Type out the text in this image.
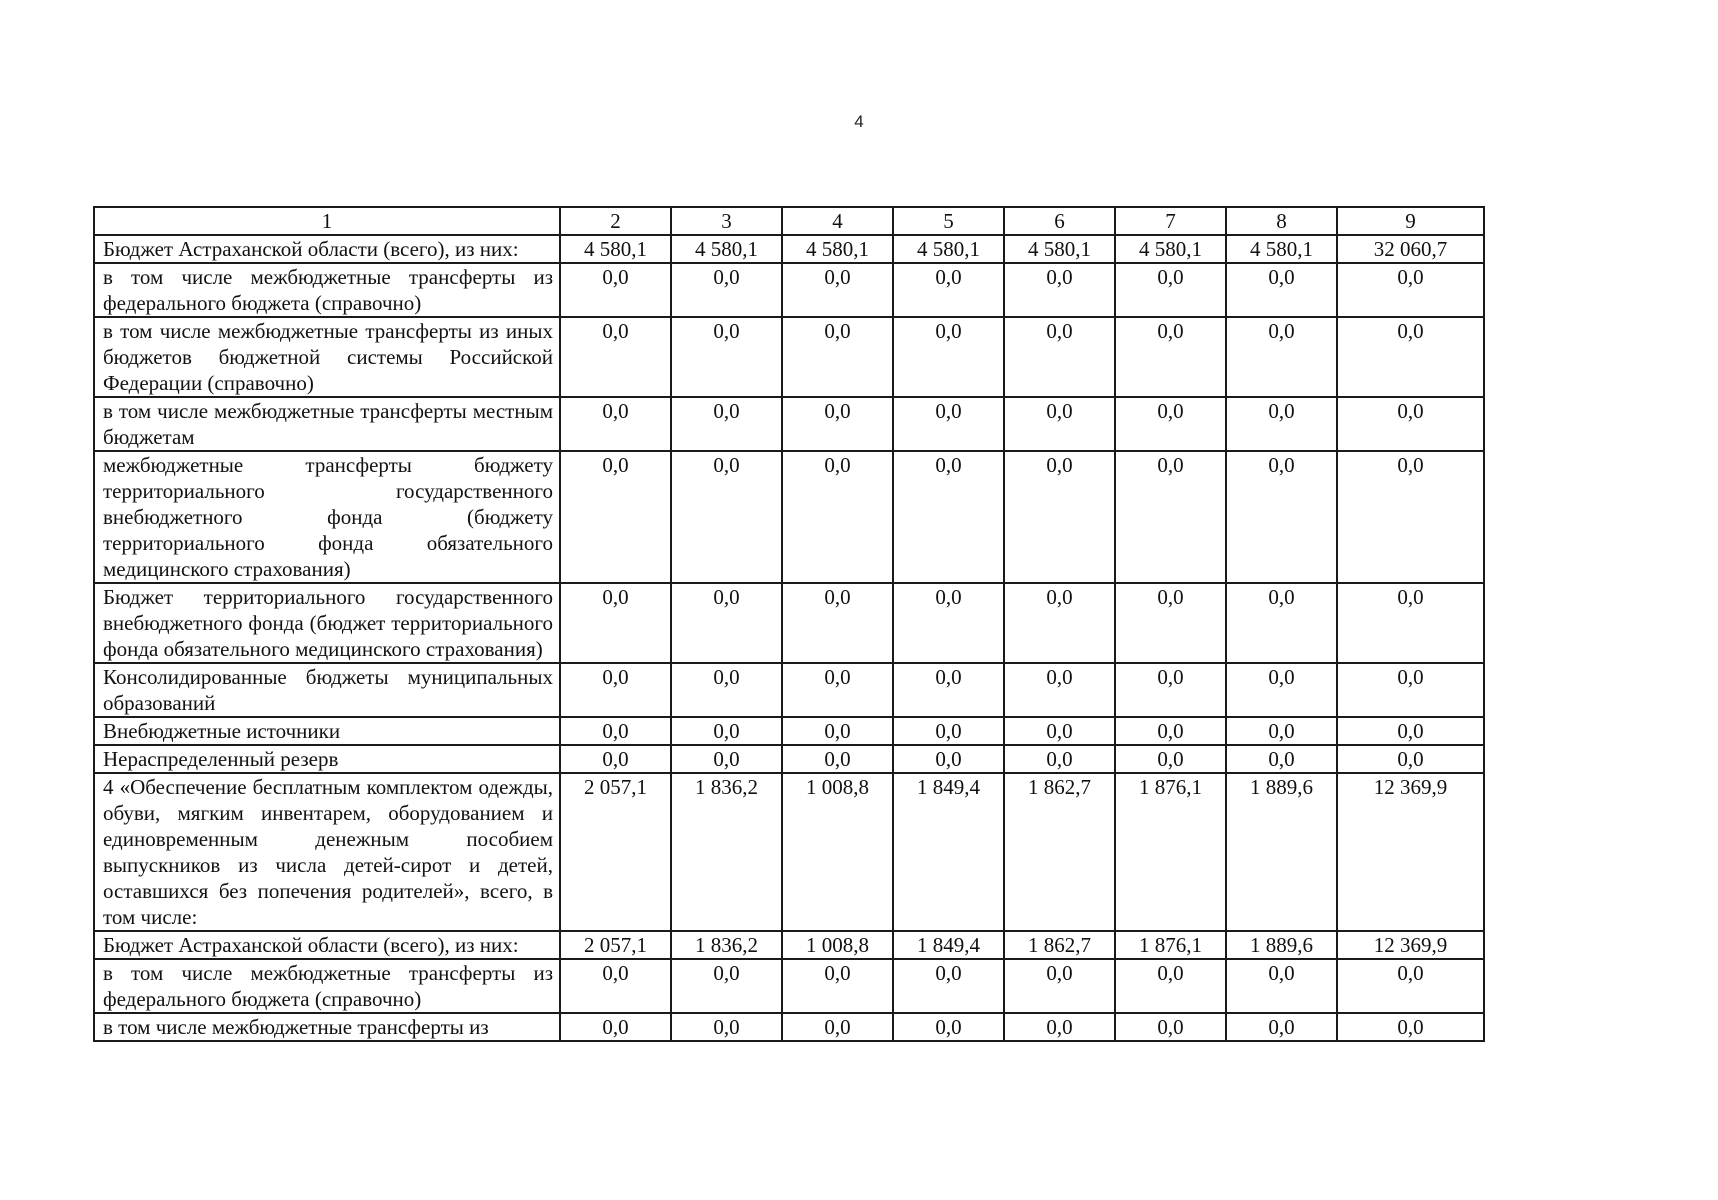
4
1	2	3	4	5	6	7	8	9
Бюджет Астраханской области (всего), из них:	4 580,1	4 580,1	4 580,1	4 580,1	4 580,1	4 580,1	4 580,1	32 060,7
в том числе межбюджетные трансферты из федерального бюджета (справочно)	0,0	0,0	0,0	0,0	0,0	0,0	0,0	0,0
в том числе межбюджетные трансферты из иных бюджетов бюджетной системы Российской Федерации (справочно)	0,0	0,0	0,0	0,0	0,0	0,0	0,0	0,0
в том числе межбюджетные трансферты местным бюджетам	0,0	0,0	0,0	0,0	0,0	0,0	0,0	0,0
межбюджетные трансферты бюджету территориального государственного внебюджетного фонда (бюджету территориального фонда обязательного медицинского страхования)	0,0	0,0	0,0	0,0	0,0	0,0	0,0	0,0
Бюджет территориального государственного внебюджетного фонда (бюджет территориального фонда обязательного медицинского страхования)	0,0	0,0	0,0	0,0	0,0	0,0	0,0	0,0
Консолидированные бюджеты муниципальных образований	0,0	0,0	0,0	0,0	0,0	0,0	0,0	0,0
Внебюджетные источники	0,0	0,0	0,0	0,0	0,0	0,0	0,0	0,0
Нераспределенный резерв	0,0	0,0	0,0	0,0	0,0	0,0	0,0	0,0
4 «Обеспечение бесплатным комплектом одежды, обуви, мягким инвентарем, оборудованием и единовременным денежным пособием выпускников из числа детей-сирот и детей, оставшихся без попечения родителей», всего, в том числе:	2 057,1	1 836,2	1 008,8	1 849,4	1 862,7	1 876,1	1 889,6	12 369,9
Бюджет Астраханской области (всего), из них:	2 057,1	1 836,2	1 008,8	1 849,4	1 862,7	1 876,1	1 889,6	12 369,9
в том числе межбюджетные трансферты из федерального бюджета (справочно)	0,0	0,0	0,0	0,0	0,0	0,0	0,0	0,0
в том числе межбюджетные трансферты из	0,0	0,0	0,0	0,0	0,0	0,0	0,0	0,0
